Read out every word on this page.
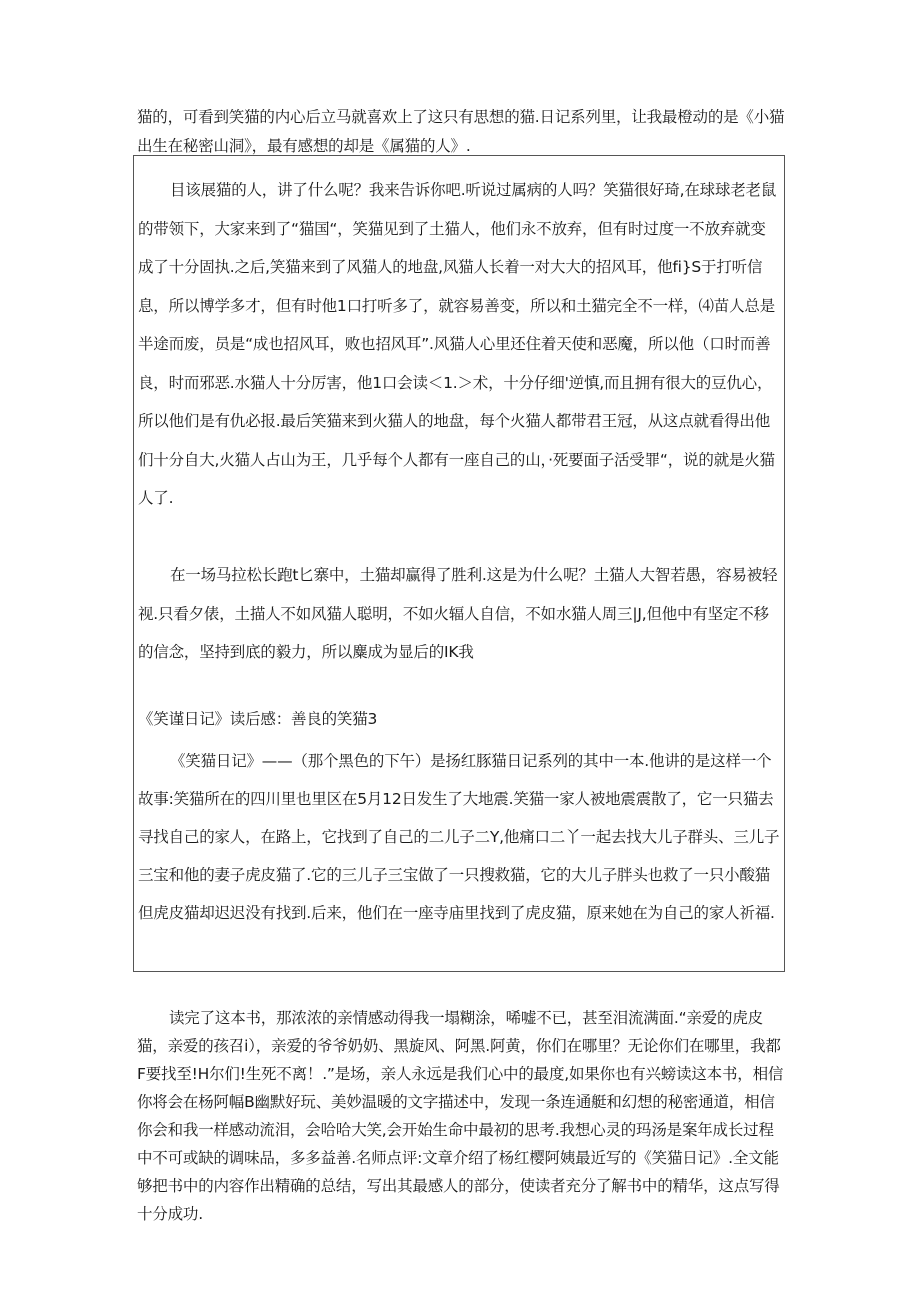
猫的，可看到笑猫的内心后立马就喜欢上了这只有思想的猫.日记系列里，让我最橙动的是《小猫出生在秘密山洞》，最有感想的却是《属猫的人》.

目该展猫的人，讲了什么呢？我来告诉你吧.听说过属病的人吗？笑猫很好琦,在球球老老鼠的带领下，大家来到了“猫国“，笑猫见到了土猫人，他们永不放弃，但有时过度一不放弃就变成了十分固执.之后,笑猫来到了风猫人的地盘,风猫人长着一对大大的招风耳，他fi}S于打听信息，所以博学多才，但有时他1口打听多了，就容易善变，所以和土猫完全不一样，⑷苗人总是半途而废，员是“成也招风耳，败也招风耳”.风猫人心里还住着天使和恶魔，所以他（口时而善良，时而邪恶.水猫人十分厉害，他1口会读＜1.＞术，十分仔细'逆慎,而且拥有很大的豆仇心，所以他们是有仇必报.最后笑猫来到火猫人的地盘，每个火猫人都带君王冠，从这点就看得出他们十分自大,火猫人占山为王，几乎每个人都有一座自己的山，·死要面子活受罪“，说的就是火猫人了.

在一场马拉松长跑t匕寨中，土猫却赢得了胜利.这是为什么呢？土猫人大智若愚，容易被轻视.只看夕俵，土描人不如风猫人聪明，不如火辐人自信，不如水猫人周三|J,但他中有坚定不移的信念，坚持到底的毅力，所以麋成为显后的IK我

《笑谨日记》读后感：善良的笑猫3

《笑猫日记》——（那个黑色的下午）是扬红豚猫日记系列的其中一本.他讲的是这样一个故事:笑猫所在的四川里也里区在5月12日发生了大地震.笑猫一家人被地震震散了，它一只猫去寻找自己的家人，在路上，它找到了自己的二儿子二Y,他痛口二丫一起去找大儿子群头、三儿子三宝和他的妻子虎皮猫了.它的三儿子三宝做了一只搜救猫，它的大儿子胖头也救了一只小酸猫但虎皮猫却迟迟没有找到.后来，他们在一座寺庙里找到了虎皮猫，原来她在为自己的家人祈福.

读完了这本书，那浓浓的亲情感动得我一塌糊涂，唏嘘不已，甚至泪流满面.“亲爱的虎皮猫，亲爱的孩召i），亲爱的爷爷奶奶、黑旋风、阿黑.阿黄，你们在哪里？无论你们在哪里，我都F要找至!H尔们!生死不离！.”是场，亲人永远是我们心中的最度,如果你也有兴螃读这本书，相信你将会在杨阿幅B幽默好玩、美妙温暖的文字描述中，发现一条连通艇和幻想的秘密通道，相信你会和我一样感动流泪，会哈哈大笑,会开始生命中最初的思考.我想心灵的玛汤是案年成长过程中不可或缺的调味品，多多益善.名师点评:文章介绍了杨红樱阿姨最近写的《笑猫日记》.全文能够把书中的内容作出精确的总结，写出其最感人的部分，使读者充分了解书中的精华，这点写得十分成功.
